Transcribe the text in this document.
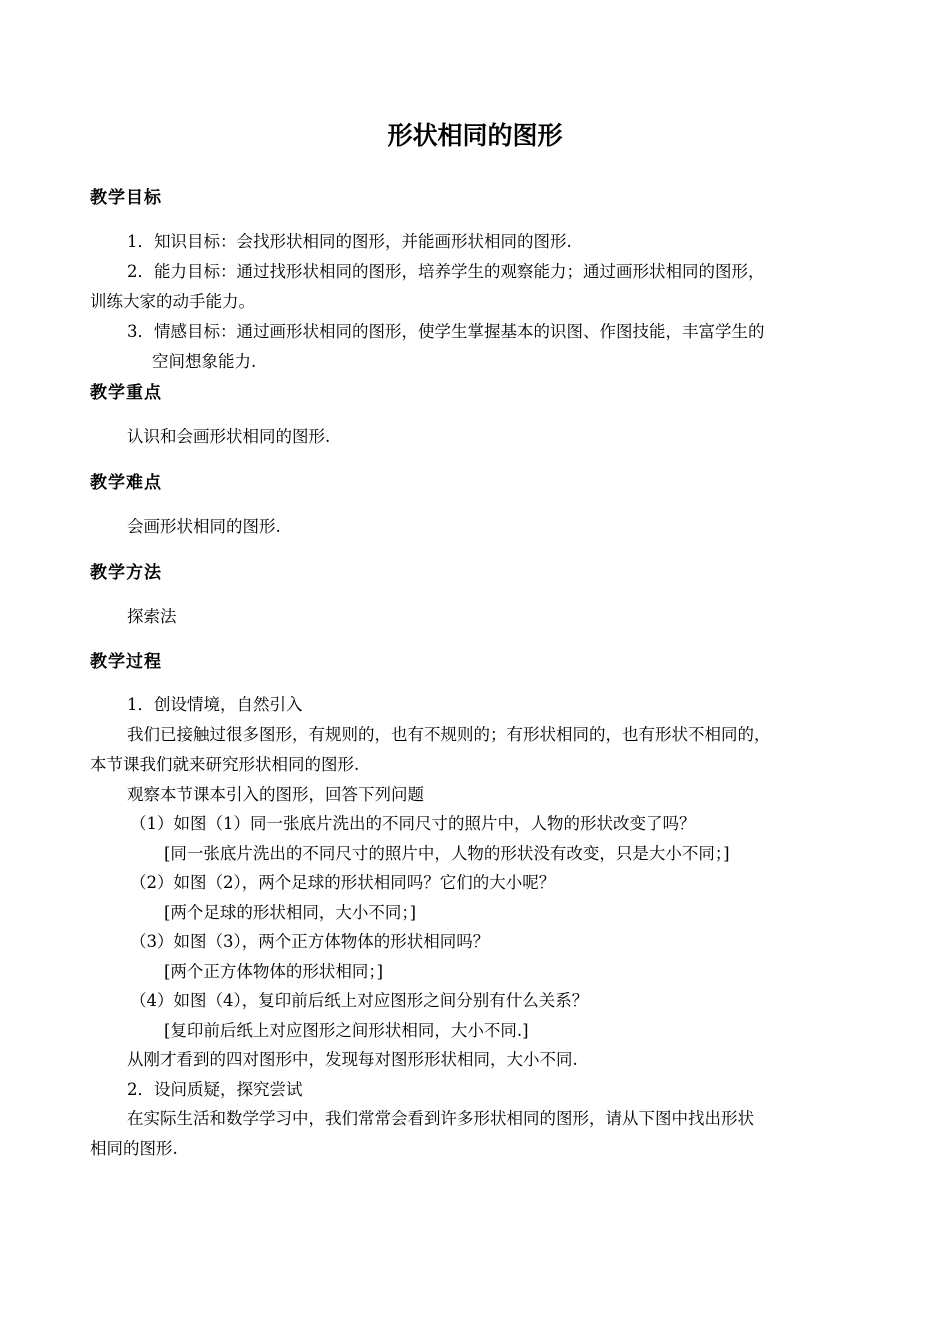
形状相同的图形
教学目标
1．知识目标：会找形状相同的图形，并能画形状相同的图形.
2．能力目标：通过找形状相同的图形，培养学生的观察能力；通过画形状相同的图形，
训练大家的动手能力。
3．情感目标：通过画形状相同的图形，使学生掌握基本的识图、作图技能，丰富学生的
空间想象能力.
教学重点
认识和会画形状相同的图形.
教学难点
会画形状相同的图形.
教学方法
探索法
教学过程
1．创设情境，自然引入
我们已接触过很多图形，有规则的，也有不规则的；有形状相同的，也有形状不相同的，
本节课我们就来研究形状相同的图形.
观察本节课本引入的图形，回答下列问题
（1）如图（1）同一张底片洗出的不同尺寸的照片中，人物的形状改变了吗？
[同一张底片洗出的不同尺寸的照片中，人物的形状没有改变，只是大小不同；]
（2）如图（2），两个足球的形状相同吗？它们的大小呢？
[两个足球的形状相同，大小不同；]
（3）如图（3），两个正方体物体的形状相同吗？
[两个正方体物体的形状相同；]
（4）如图（4），复印前后纸上对应图形之间分别有什么关系？
[复印前后纸上对应图形之间形状相同，大小不同.]
从刚才看到的四对图形中，发现每对图形形状相同，大小不同.
2．设问质疑，探究尝试
在实际生活和数学学习中，我们常常会看到许多形状相同的图形，请从下图中找出形状
相同的图形.
